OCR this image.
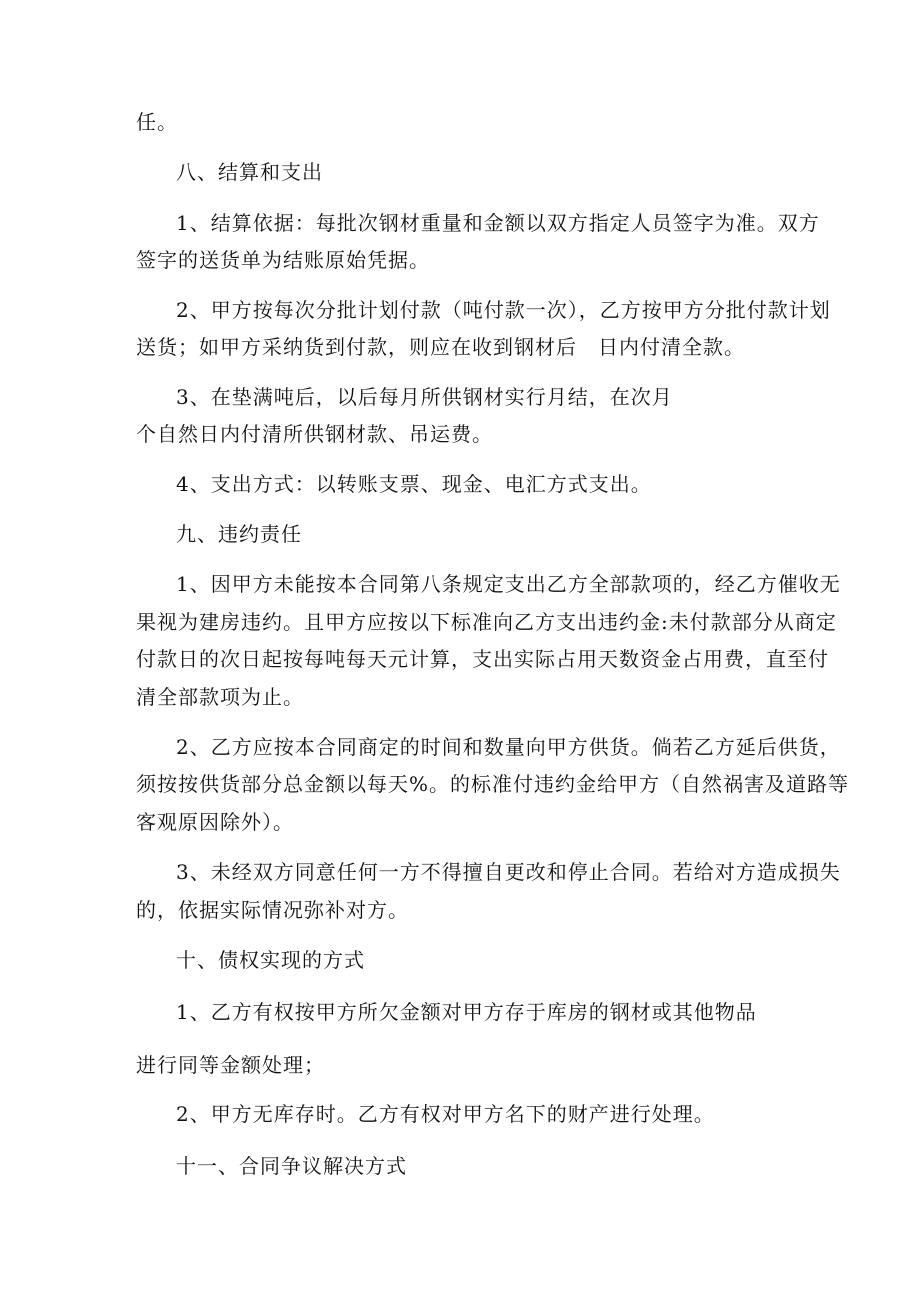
任。
八、结算和支出
1、结算依据：每批次钢材重量和金额以双方指定人员签字为准。双方
签字的送货单为结账原始凭据。
2、甲方按每次分批计划付款（吨付款一次），乙方按甲方分批付款计划
送货；如甲方采纳货到付款，则应在收到钢材后　日内付清全款。
3、在垫满吨后，以后每月所供钢材实行月结，在次月
个自然日内付清所供钢材款、吊运费。
4、支出方式：以转账支票、现金、电汇方式支出。
九、违约责任
1、因甲方未能按本合同第八条规定支出乙方全部款项的，经乙方催收无
果视为建房违约。且甲方应按以下标准向乙方支出违约金:未付款部分从商定
付款日的次日起按每吨每天元计算，支出实际占用天数资金占用费，直至付
清全部款项为止。
2、乙方应按本合同商定的时间和数量向甲方供货。倘若乙方延后供货，
须按按供货部分总金额以每天%。的标准付违约金给甲方（自然祸害及道路等
客观原因除外）。
3、未经双方同意任何一方不得擅自更改和停止合同。若给对方造成损失
的，依据实际情况弥补对方。
十、债权实现的方式
1、乙方有权按甲方所欠金额对甲方存于库房的钢材或其他物品
进行同等金额处理；
2、甲方无库存时。乙方有权对甲方名下的财产进行处理。
十一、合同争议解决方式
